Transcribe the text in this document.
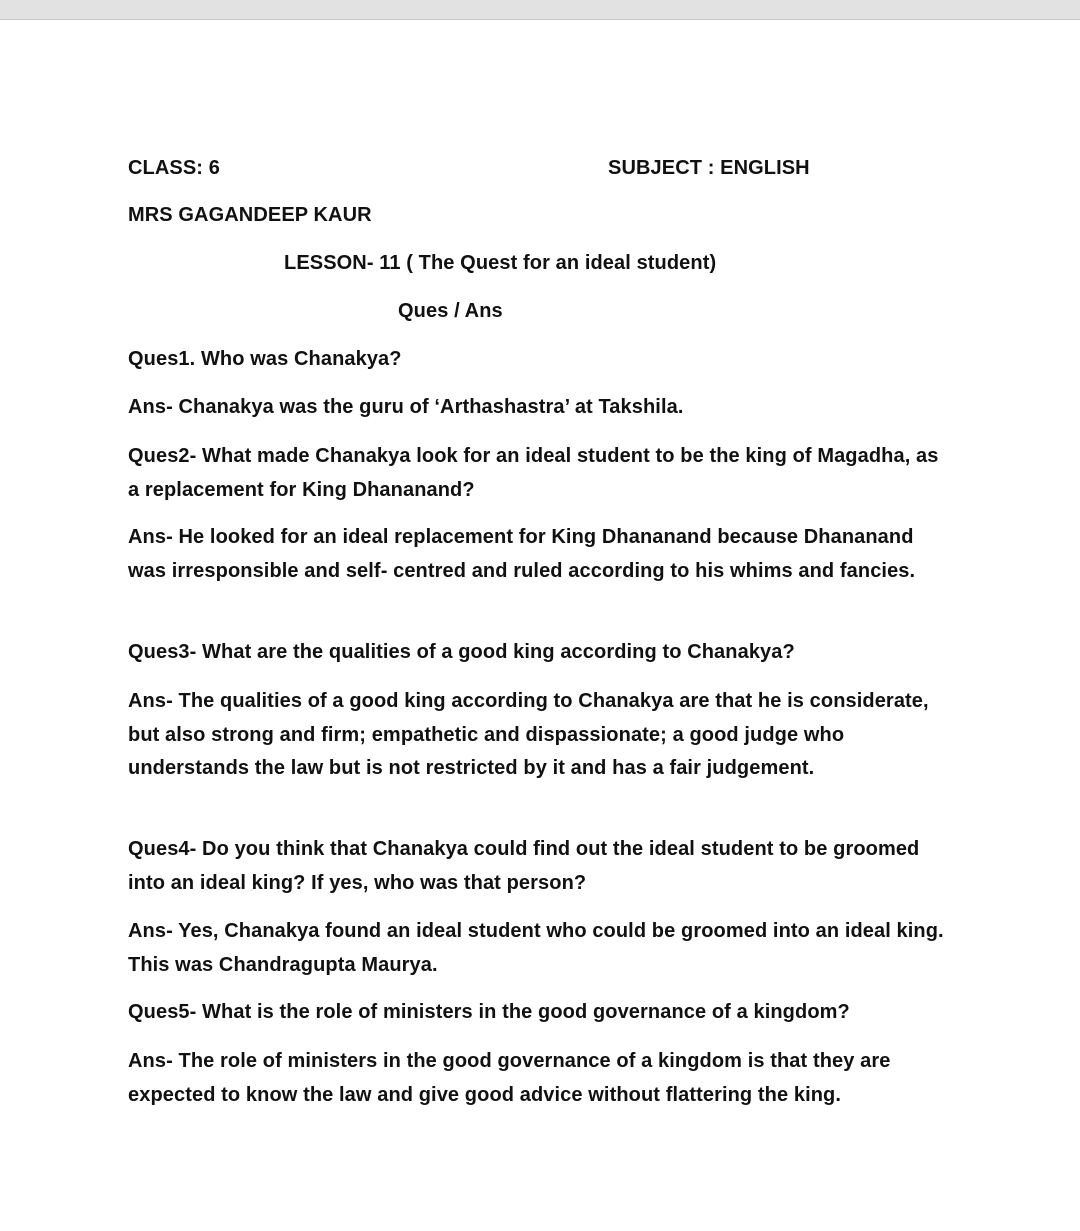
CLASS: 6	SUBJECT : ENGLISH
MRS GAGANDEEP KAUR
LESSON- 11 ( The Quest for an ideal student)
Ques / Ans
Ques1. Who was Chanakya?
Ans- Chanakya was the guru of ‘Arthashastra’ at Takshila.
Ques2- What made Chanakya look for an ideal student to be the king of Magadha, as a replacement for King Dhananand?
Ans- He looked for an ideal replacement for King Dhananand because Dhananand was irresponsible and self- centred and ruled according to his whims and fancies.
Ques3- What are the qualities of a good king according to Chanakya?
Ans- The qualities of a good king according to Chanakya are that he is considerate, but also strong and firm; empathetic and dispassionate; a good judge who understands the law but is not restricted by it and has a fair judgement.
Ques4- Do you think that Chanakya could find out the ideal student to be groomed into an ideal king? If yes, who was that person?
Ans- Yes, Chanakya found an ideal student who could be groomed into an ideal king. This was Chandragupta Maurya.
Ques5- What is the role of ministers in the good governance of a kingdom?
Ans- The role of ministers in the good governance of a kingdom is that they are expected to know the law and give good advice without flattering the king.
